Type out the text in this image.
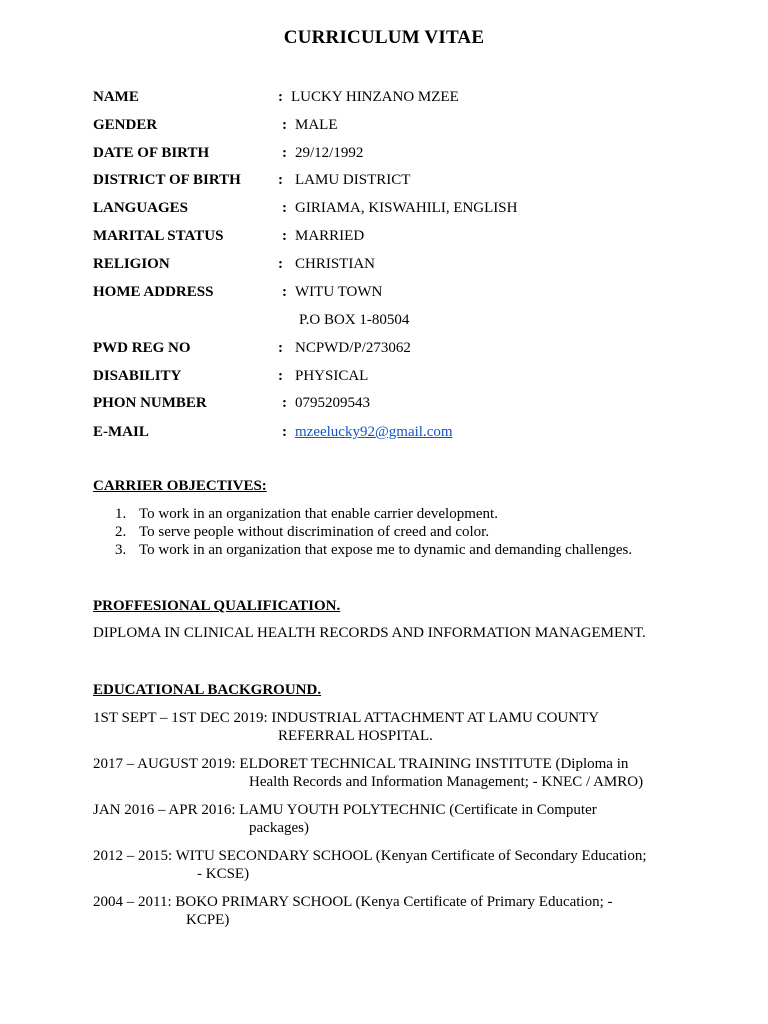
CURRICULUM VITAE
NAME	: LUCKY HINZANO MZEE
GENDER	: MALE
DATE OF BIRTH	: 29/12/1992
DISTRICT OF BIRTH : LAMU DISTRICT
LANGUAGES	: GIRIAMA, KISWAHILI, ENGLISH
MARITAL STATUS	: MARRIED
RELIGION	: CHRISTIAN
HOME ADDRESS	: WITU TOWN
P.O BOX 1-80504
PWD REG NO	: NCPWD/P/273062
DISABILITY	: PHYSICAL
PHON NUMBER	: 0795209543
E-MAIL	: mzeelucky92@gmail.com
CARRIER OBJECTIVES:
1. To work in an organization that enable carrier development.
2. To serve people without discrimination of creed and color.
3. To work in an organization that expose me to dynamic and demanding challenges.
PROFFESIONAL QUALIFICATION.
DIPLOMA IN CLINICAL HEALTH RECORDS AND INFORMATION MANAGEMENT.
EDUCATIONAL BACKGROUND.
1ST SEPT – 1ST DEC 2019: INDUSTRIAL ATTACHMENT AT LAMU COUNTY
REFERRAL HOSPITAL.
2017 – AUGUST 2019: ELDORET TECHNICAL TRAINING INSTITUTE (Diploma in
Health Records and Information Management; - KNEC / AMRO)
JAN 2016 – APR 2016: LAMU YOUTH POLYTECHNIC (Certificate in Computer
packages)
2012 – 2015: WITU SECONDARY SCHOOL (Kenyan Certificate of Secondary Education;
- KCSE)
2004 – 2011: BOKO PRIMARY SCHOOL (Kenya Certificate of Primary Education; -
KCPE)
